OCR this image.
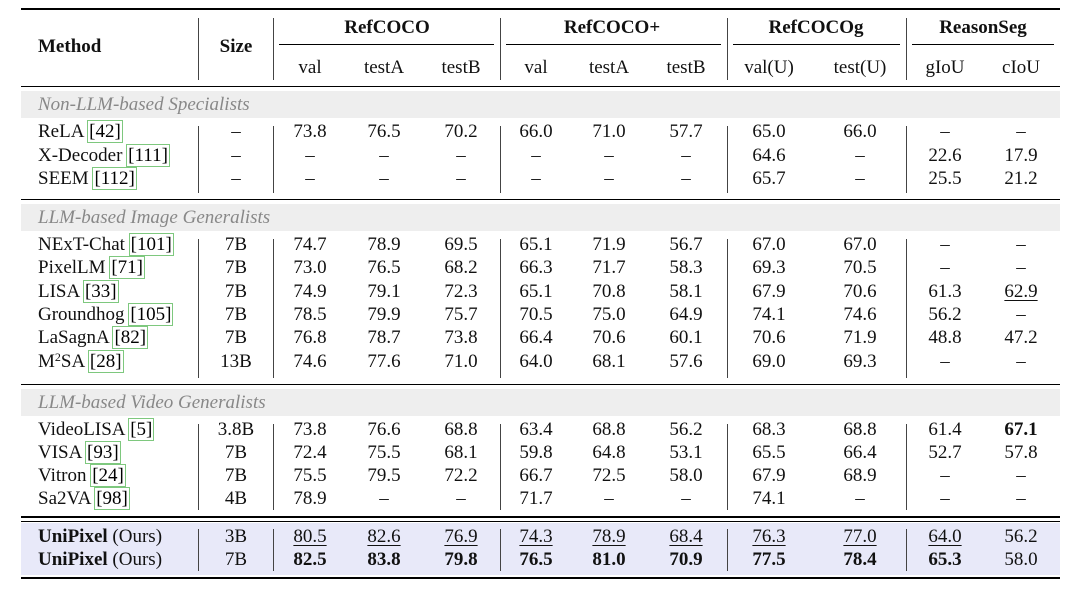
Method	Size
RefCOCO	RefCOCO+	RefCOCOg	ReasonSeg
val testA testB val testA testB val(U) test(U) gIoU cIoU
Non-LLM-based Specialists
ReLA [42]	–	73.8 76.5 70.2 66.0 71.0 57.7	65.0	66.0	–	–
X-Decoder [111]	–	–	–	–	–	–	–	64.6	–	22.6 17.9
SEEM [112]	–	–	–	–	–	–	–	65.7	–	25.5 21.2
LLM-based Image Generalists
NExT-Chat [101]	7B 74.7 78.9 69.5 65.1 71.9 56.7	67.0	67.0	–	–
PixelLM [71]	7B 73.0 76.5 68.2 66.3 71.7 58.3	69.3	70.5	–	–
LISA [33]	7B 74.9 79.1 72.3 65.1 70.8 58.1	67.9	70.6	61.3 62.9
Groundhog [105]	7B 78.5 79.9 75.7 70.5 75.0 64.9	74.1	74.6	56.2	–
LaSagnA [82]	7B 76.8 78.7 73.8 66.4 70.6 60.1	70.6	71.9	48.8 47.2
$M^2SA$ [28]	13B 74.6 77.6 71.0 64.0 68.1 57.6	69.0	69.3	–	–
LLM-based Video Generalists
VideoLISA [5]	3.8B 73.8 76.6 68.8 63.4 68.8 56.2	68.3	68.8	61.4 67.1
VISA [93]	7B 72.4 75.5 68.1 59.8 64.8 53.1	65.5	66.4	52.7 57.8
Vitron [24]	7B 75.5 79.5 72.2 66.7 72.5 58.0	67.9	68.9	–	–
Sa2VA [98]	4B 78.9	–	–	71.7	–	–	74.1	–	–	–
UniPixel (Ours)	3B 80.5 82.6 76.9 74.3 78.9 68.4	76.3	77.0	64.0 56.2
UniPixel (Ours)	7B 82.5 83.8 79.8 76.5 81.0 70.9	77.5	78.4	65.3 58.0
